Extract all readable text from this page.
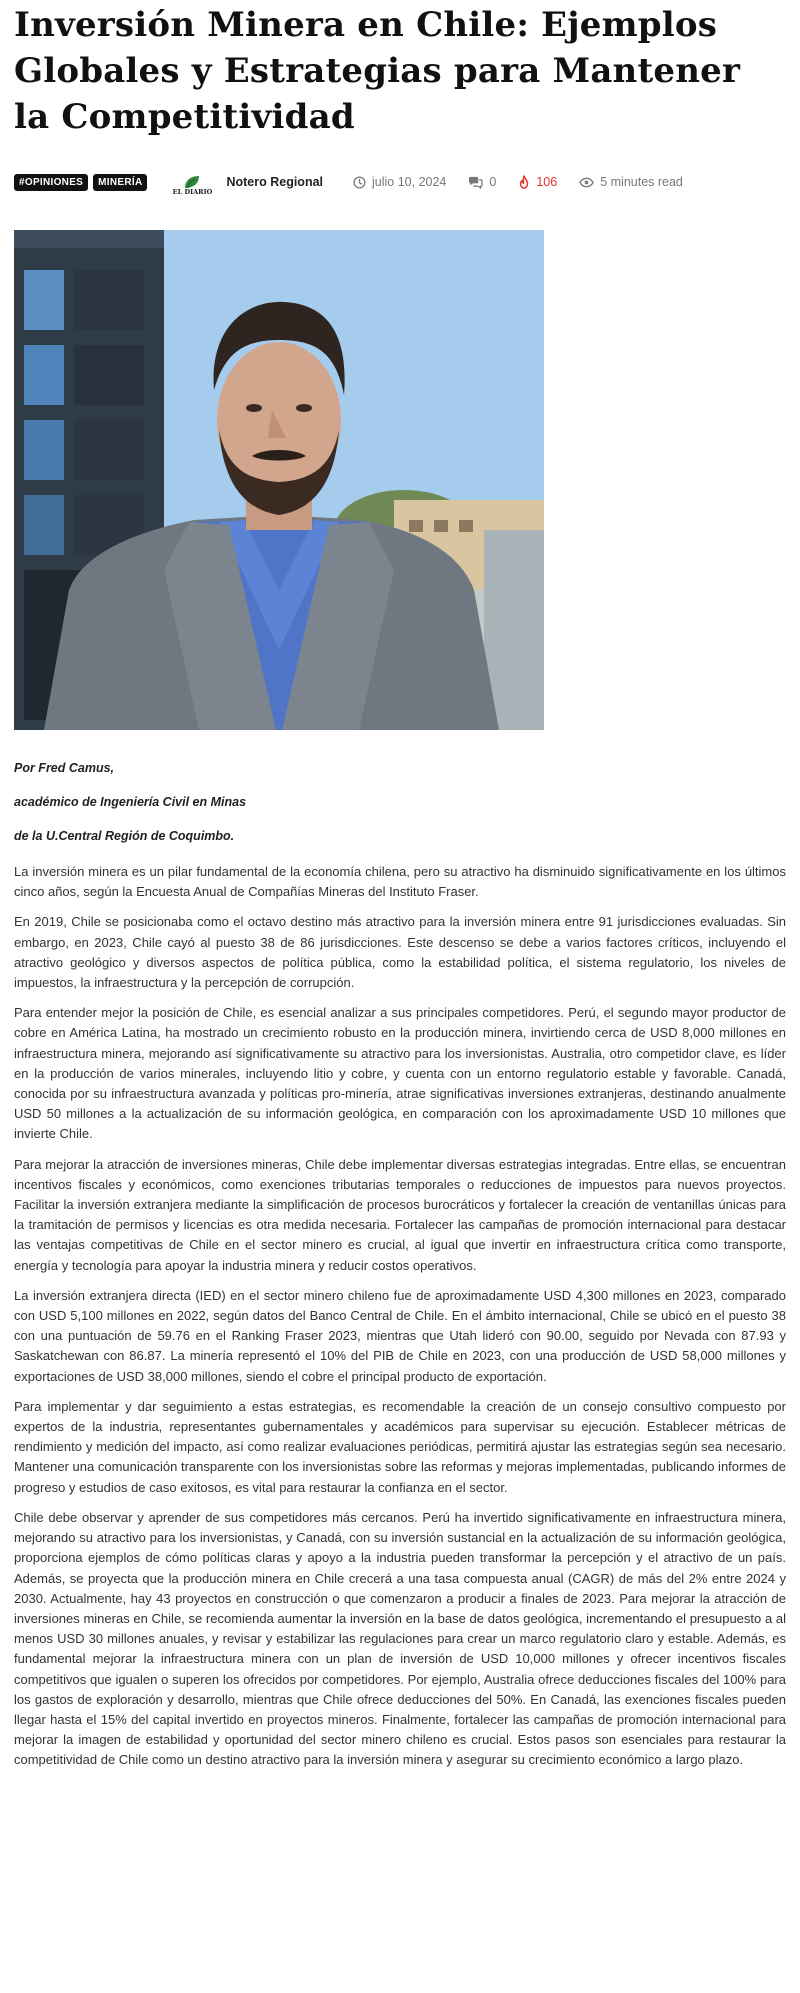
Inversión Minera en Chile: Ejemplos Globales y Estrategias para Mantener la Competitividad
#OPINIONES	MINERÍA
EL DIARIO
Notero Regional	julio 10, 2024	0	106	5 minutes read

Por Fred Camus,

académico de Ingeniería Civil en Minas

de la U.Central Región de Coquimbo.

La inversión minera es un pilar fundamental de la economía chilena, pero su atractivo ha disminuido significativamente en los últimos cinco años, según la Encuesta Anual de Compañías Mineras del Instituto Fraser.

En 2019, Chile se posicionaba como el octavo destino más atractivo para la inversión minera entre 91 jurisdicciones evaluadas. Sin embargo, en 2023, Chile cayó al puesto 38 de 86 jurisdicciones. Este descenso se debe a varios factores críticos, incluyendo el atractivo geológico y diversos aspectos de política pública, como la estabilidad política, el sistema regulatorio, los niveles de impuestos, la infraestructura y la percepción de corrupción.

Para entender mejor la posición de Chile, es esencial analizar a sus principales competidores. Perú, el segundo mayor productor de cobre en América Latina, ha mostrado un crecimiento robusto en la producción minera, invirtiendo cerca de USD 8,000 millones en infraestructura minera, mejorando así significativamente su atractivo para los inversionistas. Australia, otro competidor clave, es líder en la producción de varios minerales, incluyendo litio y cobre, y cuenta con un entorno regulatorio estable y favorable. Canadá, conocida por su infraestructura avanzada y políticas pro-minería, atrae significativas inversiones extranjeras, destinando anualmente USD 50 millones a la actualización de su información geológica, en comparación con los aproximadamente USD 10 millones que invierte Chile.

Para mejorar la atracción de inversiones mineras, Chile debe implementar diversas estrategias integradas. Entre ellas, se encuentran incentivos fiscales y económicos, como exenciones tributarias temporales o reducciones de impuestos para nuevos proyectos. Facilitar la inversión extranjera mediante la simplificación de procesos burocráticos y fortalecer la creación de ventanillas únicas para la tramitación de permisos y licencias es otra medida necesaria. Fortalecer las campañas de promoción internacional para destacar las ventajas competitivas de Chile en el sector minero es crucial, al igual que invertir en infraestructura crítica como transporte, energía y tecnología para apoyar la industria minera y reducir costos operativos.

La inversión extranjera directa (IED) en el sector minero chileno fue de aproximadamente USD 4,300 millones en 2023, comparado con USD 5,100 millones en 2022, según datos del Banco Central de Chile. En el ámbito internacional, Chile se ubicó en el puesto 38 con una puntuación de 59.76 en el Ranking Fraser 2023, mientras que Utah lideró con 90.00, seguido por Nevada con 87.93 y Saskatchewan con 86.87. La minería representó el 10% del PIB de Chile en 2023, con una producción de USD 58,000 millones y exportaciones de USD 38,000 millones, siendo el cobre el principal producto de exportación.

Para implementar y dar seguimiento a estas estrategias, es recomendable la creación de un consejo consultivo compuesto por expertos de la industria, representantes gubernamentales y académicos para supervisar su ejecución. Establecer métricas de rendimiento y medición del impacto, así como realizar evaluaciones periódicas, permitirá ajustar las estrategias según sea necesario. Mantener una comunicación transparente con los inversionistas sobre las reformas y mejoras implementadas, publicando informes de progreso y estudios de caso exitosos, es vital para restaurar la confianza en el sector.

Chile debe observar y aprender de sus competidores más cercanos. Perú ha invertido significativamente en infraestructura minera, mejorando su atractivo para los inversionistas, y Canadá, con su inversión sustancial en la actualización de su información geológica, proporciona ejemplos de cómo políticas claras y apoyo a la industria pueden transformar la percepción y el atractivo de un país. Además, se proyecta que la producción minera en Chile crecerá a una tasa compuesta anual (CAGR) de más del 2% entre 2024 y 2030. Actualmente, hay 43 proyectos en construcción o que comenzaron a producir a finales de 2023. Para mejorar la atracción de inversiones mineras en Chile, se recomienda aumentar la inversión en la base de datos geológica, incrementando el presupuesto a al menos USD 30 millones anuales, y revisar y estabilizar las regulaciones para crear un marco regulatorio claro y estable. Además, es fundamental mejorar la infraestructura minera con un plan de inversión de USD 10,000 millones y ofrecer incentivos fiscales competitivos que igualen o superen los ofrecidos por competidores. Por ejemplo, Australia ofrece deducciones fiscales del 100% para los gastos de exploración y desarrollo, mientras que Chile ofrece deducciones del 50%. En Canadá, las exenciones fiscales pueden llegar hasta el 15% del capital invertido en proyectos mineros. Finalmente, fortalecer las campañas de promoción internacional para mejorar la imagen de estabilidad y oportunidad del sector minero chileno es crucial. Estos pasos son esenciales para restaurar la competitividad de Chile como un destino atractivo para la inversión minera y asegurar su crecimiento económico a largo plazo.
